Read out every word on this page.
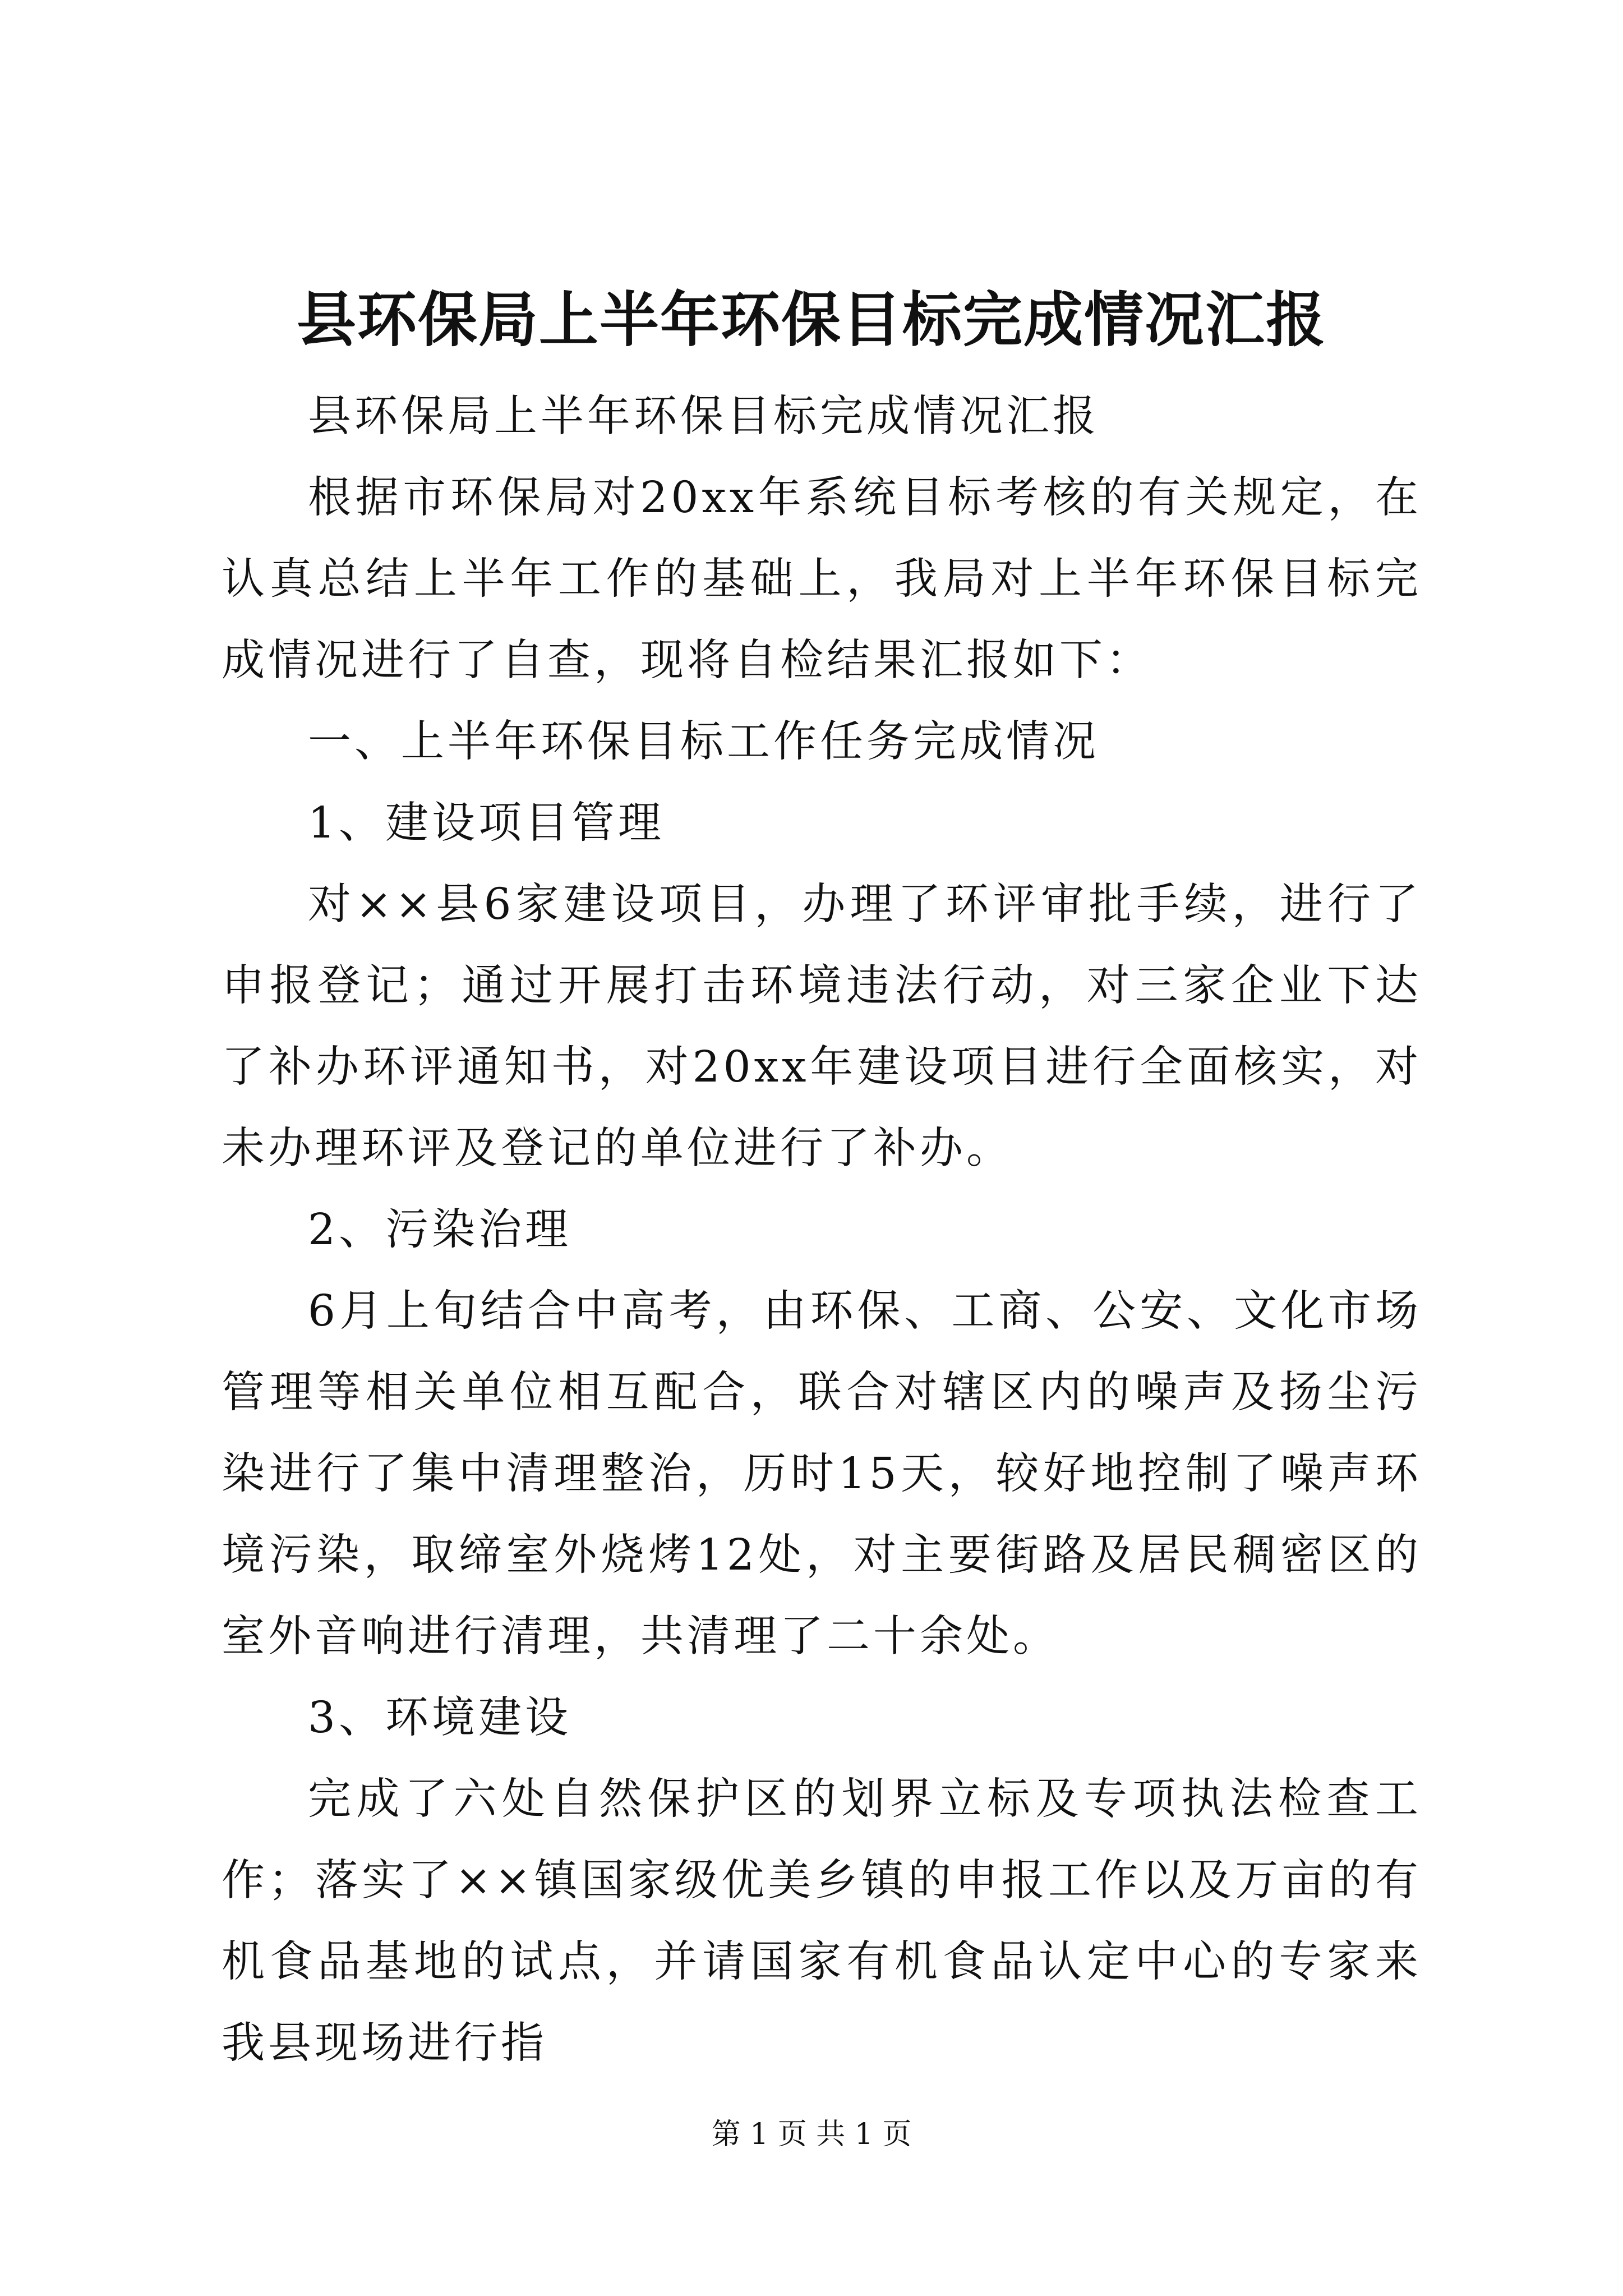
县环保局上半年环保目标完成情况汇报

县环保局上半年环保目标完成情况汇报

根据市环保局对20xx年系统目标考核的有关规定，在认真总结上半年工作的基础上，我局对上半年环保目标完成情况进行了自查，现将自检结果汇报如下：

一、上半年环保目标工作任务完成情况

1、建设项目管理

对××县6家建设项目，办理了环评审批手续，进行了申报登记；通过开展打击环境违法行动，对三家企业下达了补办环评通知书，对20xx年建设项目进行全面核实，对未办理环评及登记的单位进行了补办。

2、污染治理

6月上旬结合中高考，由环保、工商、公安、文化市场管理等相关单位相互配合，联合对辖区内的噪声及扬尘污染进行了集中清理整治，历时15天，较好地控制了噪声环境污染，取缔室外烧烤12处，对主要街路及居民稠密区的室外音响进行清理，共清理了二十余处。

3、环境建设

完成了六处自然保护区的划界立标及专项执法检查工作；落实了××镇国家级优美乡镇的申报工作以及万亩的有机食品基地的试点，并请国家有机食品认定中心的专家来我县现场进行指

第 1 页 共 1 页
